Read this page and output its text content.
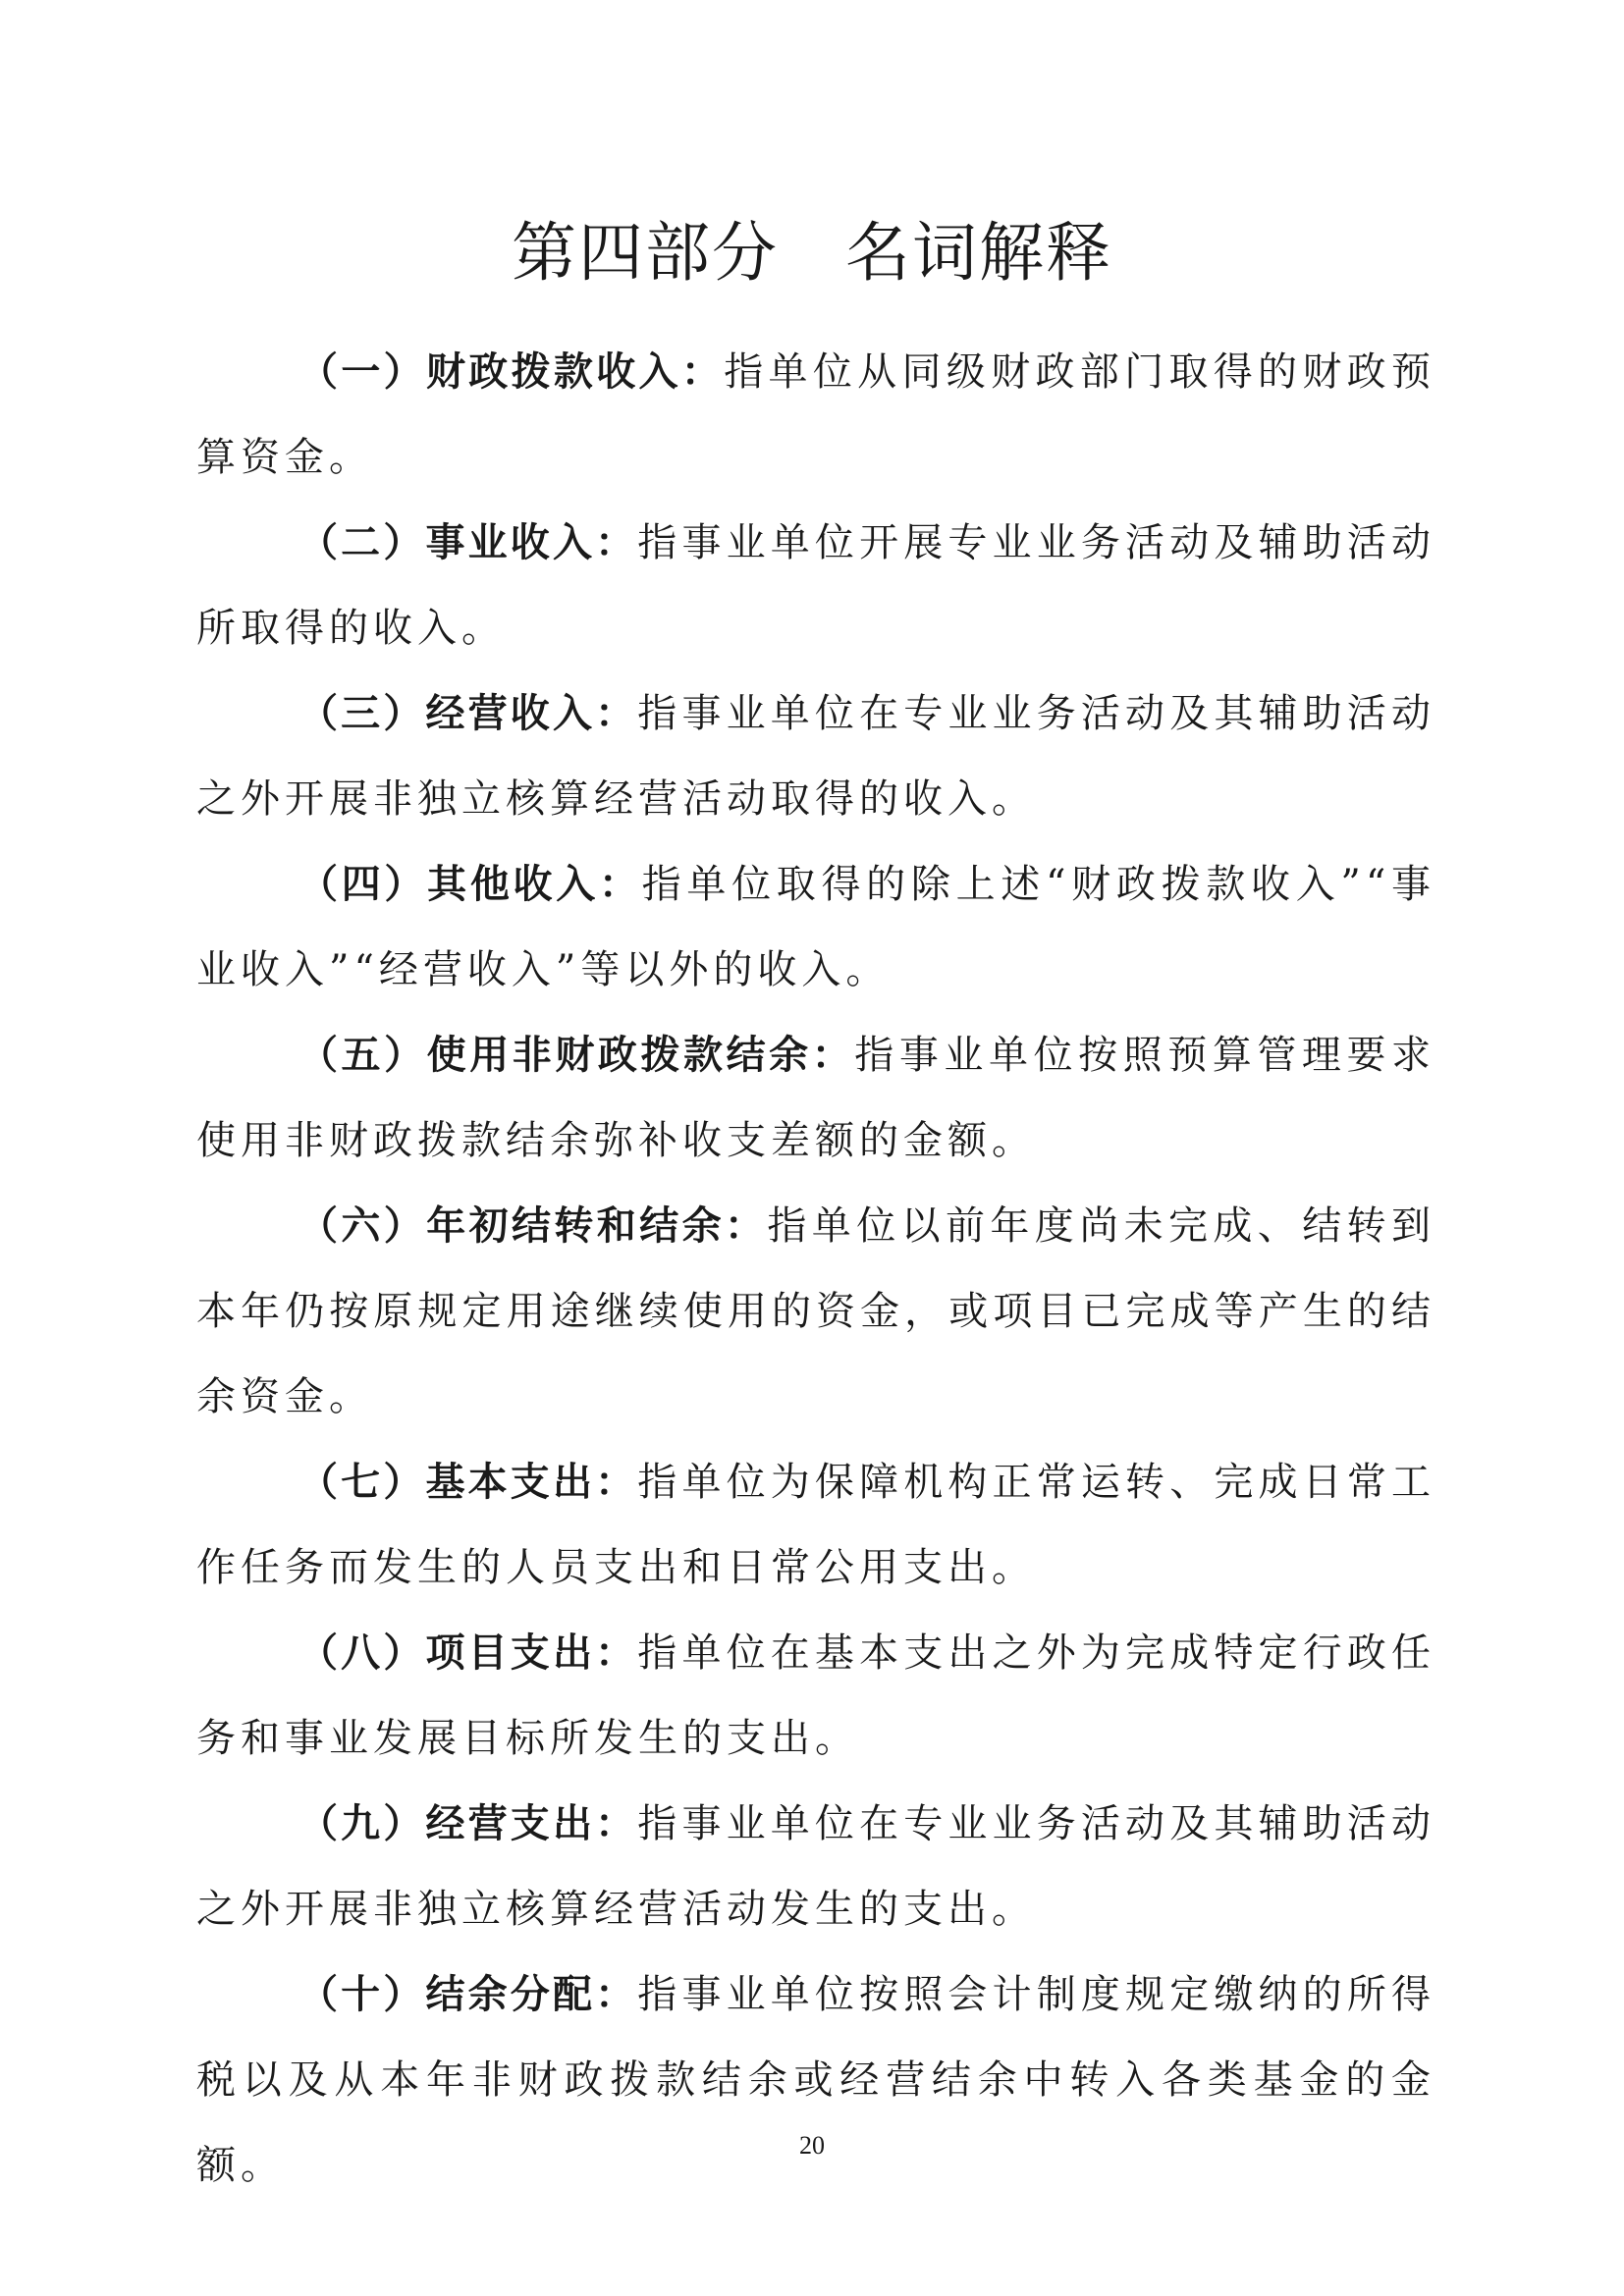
第四部分　名词解释

（一）财政拨款收入：指单位从同级财政部门取得的财政预算资金。

（二）事业收入：指事业单位开展专业业务活动及辅助活动所取得的收入。

（三）经营收入：指事业单位在专业业务活动及其辅助活动之外开展非独立核算经营活动取得的收入。

（四）其他收入：指单位取得的除上述“财政拨款收入”“事业收入”“经营收入”等以外的收入。

（五）使用非财政拨款结余：指事业单位按照预算管理要求使用非财政拨款结余弥补收支差额的金额。

（六）年初结转和结余：指单位以前年度尚未完成、结转到本年仍按原规定用途继续使用的资金，或项目已完成等产生的结余资金。

（七）基本支出：指单位为保障机构正常运转、完成日常工作任务而发生的人员支出和日常公用支出。

（八）项目支出：指单位在基本支出之外为完成特定行政任务和事业发展目标所发生的支出。

（九）经营支出：指事业单位在专业业务活动及其辅助活动之外开展非独立核算经营活动发生的支出。

（十）结余分配：指事业单位按照会计制度规定缴纳的所得税以及从本年非财政拨款结余或经营结余中转入各类基金的金额。	20
